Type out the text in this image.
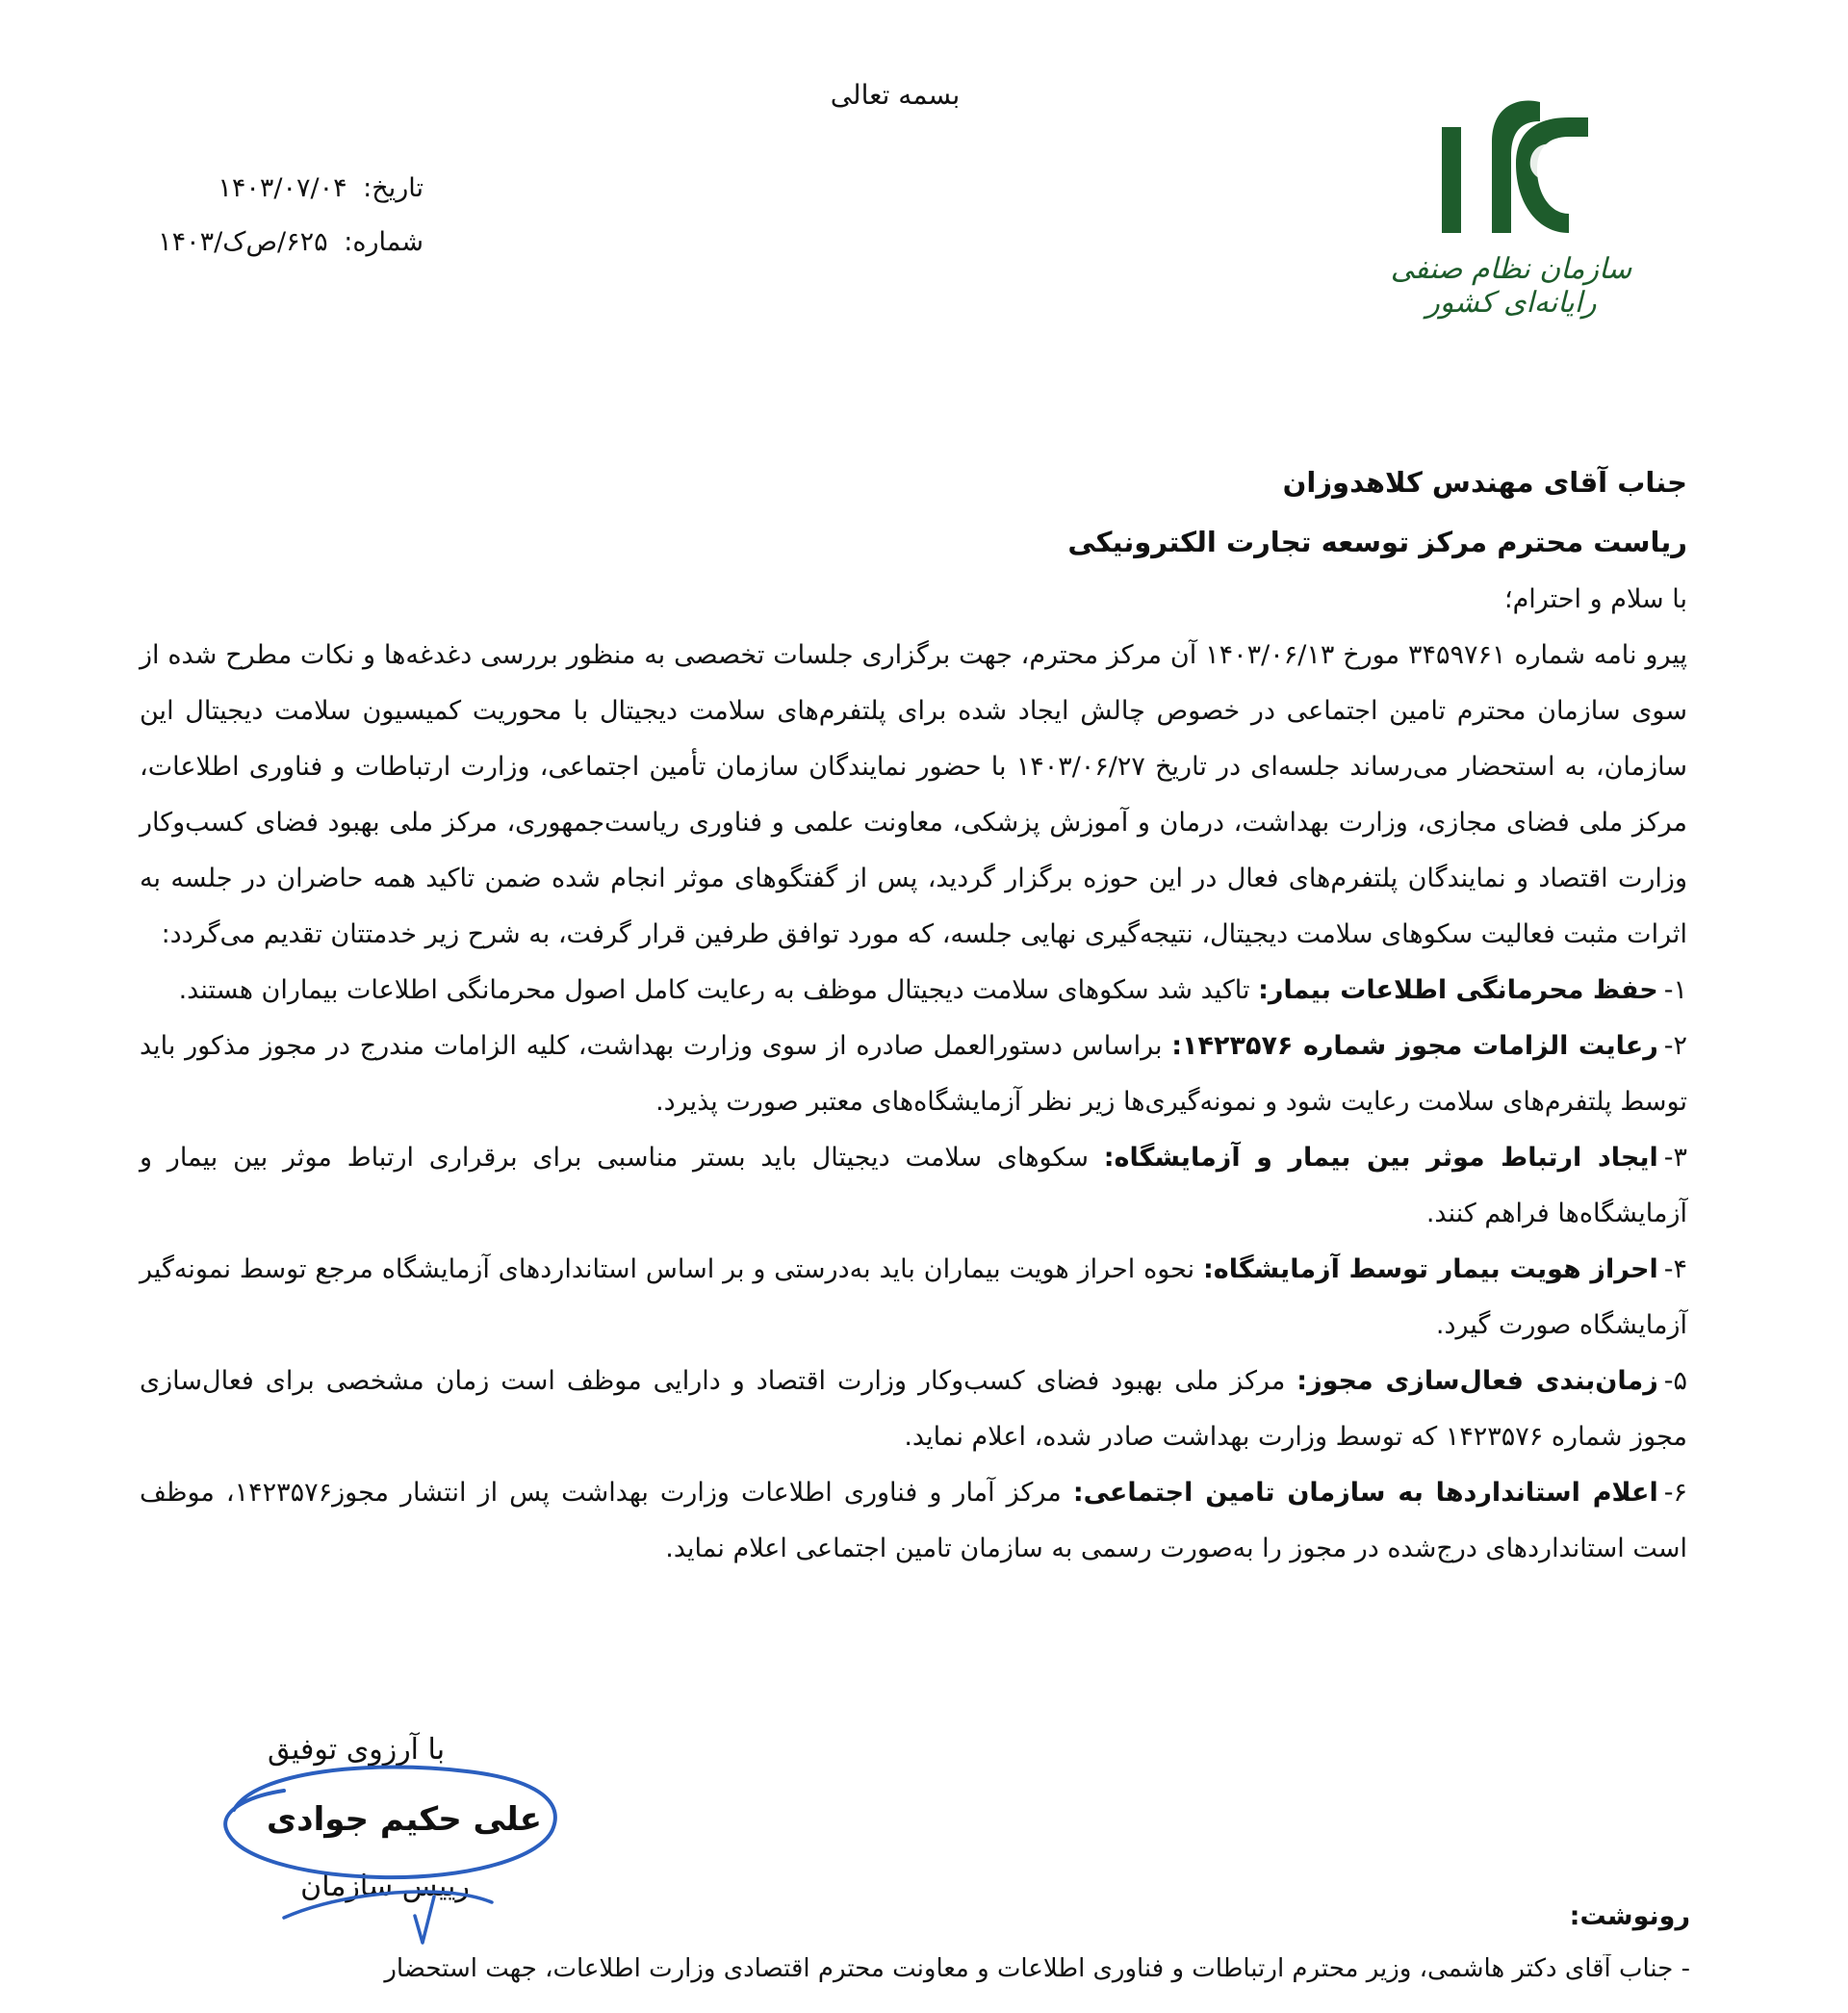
بسمه تعالی
سازمان نظام صنفی رایانه‌ای کشور
تاریخ: ۱۴۰۳/۰۷/۰۴
شماره: ۶۲۵/ص‌ک/۱۴۰۳

جناب آقای مهندس کلاهدوزان

ریاست محترم مرکز توسعه تجارت الکترونیکی

با سلام و احترام؛

پیرو نامه شماره ۳۴۵۹۷۶۱ مورخ ۱۴۰۳/۰۶/۱۳ آن مرکز محترم، جهت برگزاری جلسات تخصصی به منظور بررسی دغدغه‌ها و نکات مطرح شده از سوی سازمان محترم تامین اجتماعی در خصوص چالش ایجاد شده برای پلتفرم‌های سلامت دیجیتال با محوریت کمیسیون سلامت دیجیتال این سازمان، به استحضار می‌رساند جلسه‌ای در تاریخ ۱۴۰۳/۰۶/۲۷ با حضور نمایندگان سازمان تأمین اجتماعی، وزارت ارتباطات و فناوری اطلاعات، مرکز ملی فضای مجازی، وزارت بهداشت، درمان و آموزش پزشکی، معاونت علمی و فناوری ریاست‌جمهوری، مرکز ملی بهبود فضای کسب‌وکار وزارت اقتصاد و نمایندگان پلتفرم‌های فعال در این حوزه برگزار گردید، پس از گفتگوهای موثر انجام شده ضمن تاکید همه حاضران در جلسه به اثرات مثبت فعالیت سکوهای سلامت دیجیتال، نتیجه‌گیری نهایی جلسه، که مورد توافق طرفین قرار گرفت، به شرح زیر خدمتتان تقدیم می‌گردد:

۱-حفظ محرمانگی اطلاعات بیمار: تاکید شد سکوهای سلامت دیجیتال موظف به رعایت کامل اصول محرمانگی اطلاعات بیماران هستند.

۲-رعایت الزامات مجوز شماره ۱۴۲۳۵۷۶: براساس دستورالعمل صادره از سوی وزارت بهداشت، کلیه الزامات مندرج در مجوز مذکور باید توسط پلتفرم‌های سلامت رعایت شود و نمونه‌گیری‌ها زیر نظر آزمایشگاه‌های معتبر صورت پذیرد.

۳-ایجاد ارتباط موثر بین بیمار و آزمایشگاه: سکوهای سلامت دیجیتال باید بستر مناسبی برای برقراری ارتباط موثر بین بیمار و آزمایشگاه‌ها فراهم کنند.

۴-احراز هویت بیمار توسط آزمایشگاه: نحوه احراز هویت بیماران باید به‌درستی و بر اساس استانداردهای آزمایشگاه مرجع توسط نمونه‌گیر آزمایشگاه صورت گیرد.

۵-زمان‌بندی فعال‌سازی مجوز: مرکز ملی بهبود فضای کسب‌وکار وزارت اقتصاد و دارایی موظف است زمان مشخصی برای فعال‌سازی مجوز شماره ۱۴۲۳۵۷۶ که توسط وزارت بهداشت صادر شده، اعلام نماید.

۶-اعلام استانداردها به سازمان تامین اجتماعی: مرکز آمار و فناوری اطلاعات وزارت بهداشت پس از انتشار مجوز۱۴۲۳۵۷۶، موظف است استانداردهای درج‌شده در مجوز را به‌صورت رسمی به سازمان تامین اجتماعی اعلام نماید.

با آرزوی توفیق
علی حکیم جوادی
رییس سازمان
رونوشت:
- جناب آقای دکتر هاشمی، وزیر محترم ارتباطات و فناوری اطلاعات و معاونت محترم اقتصادی وزارت اطلاعات، جهت استحضار
